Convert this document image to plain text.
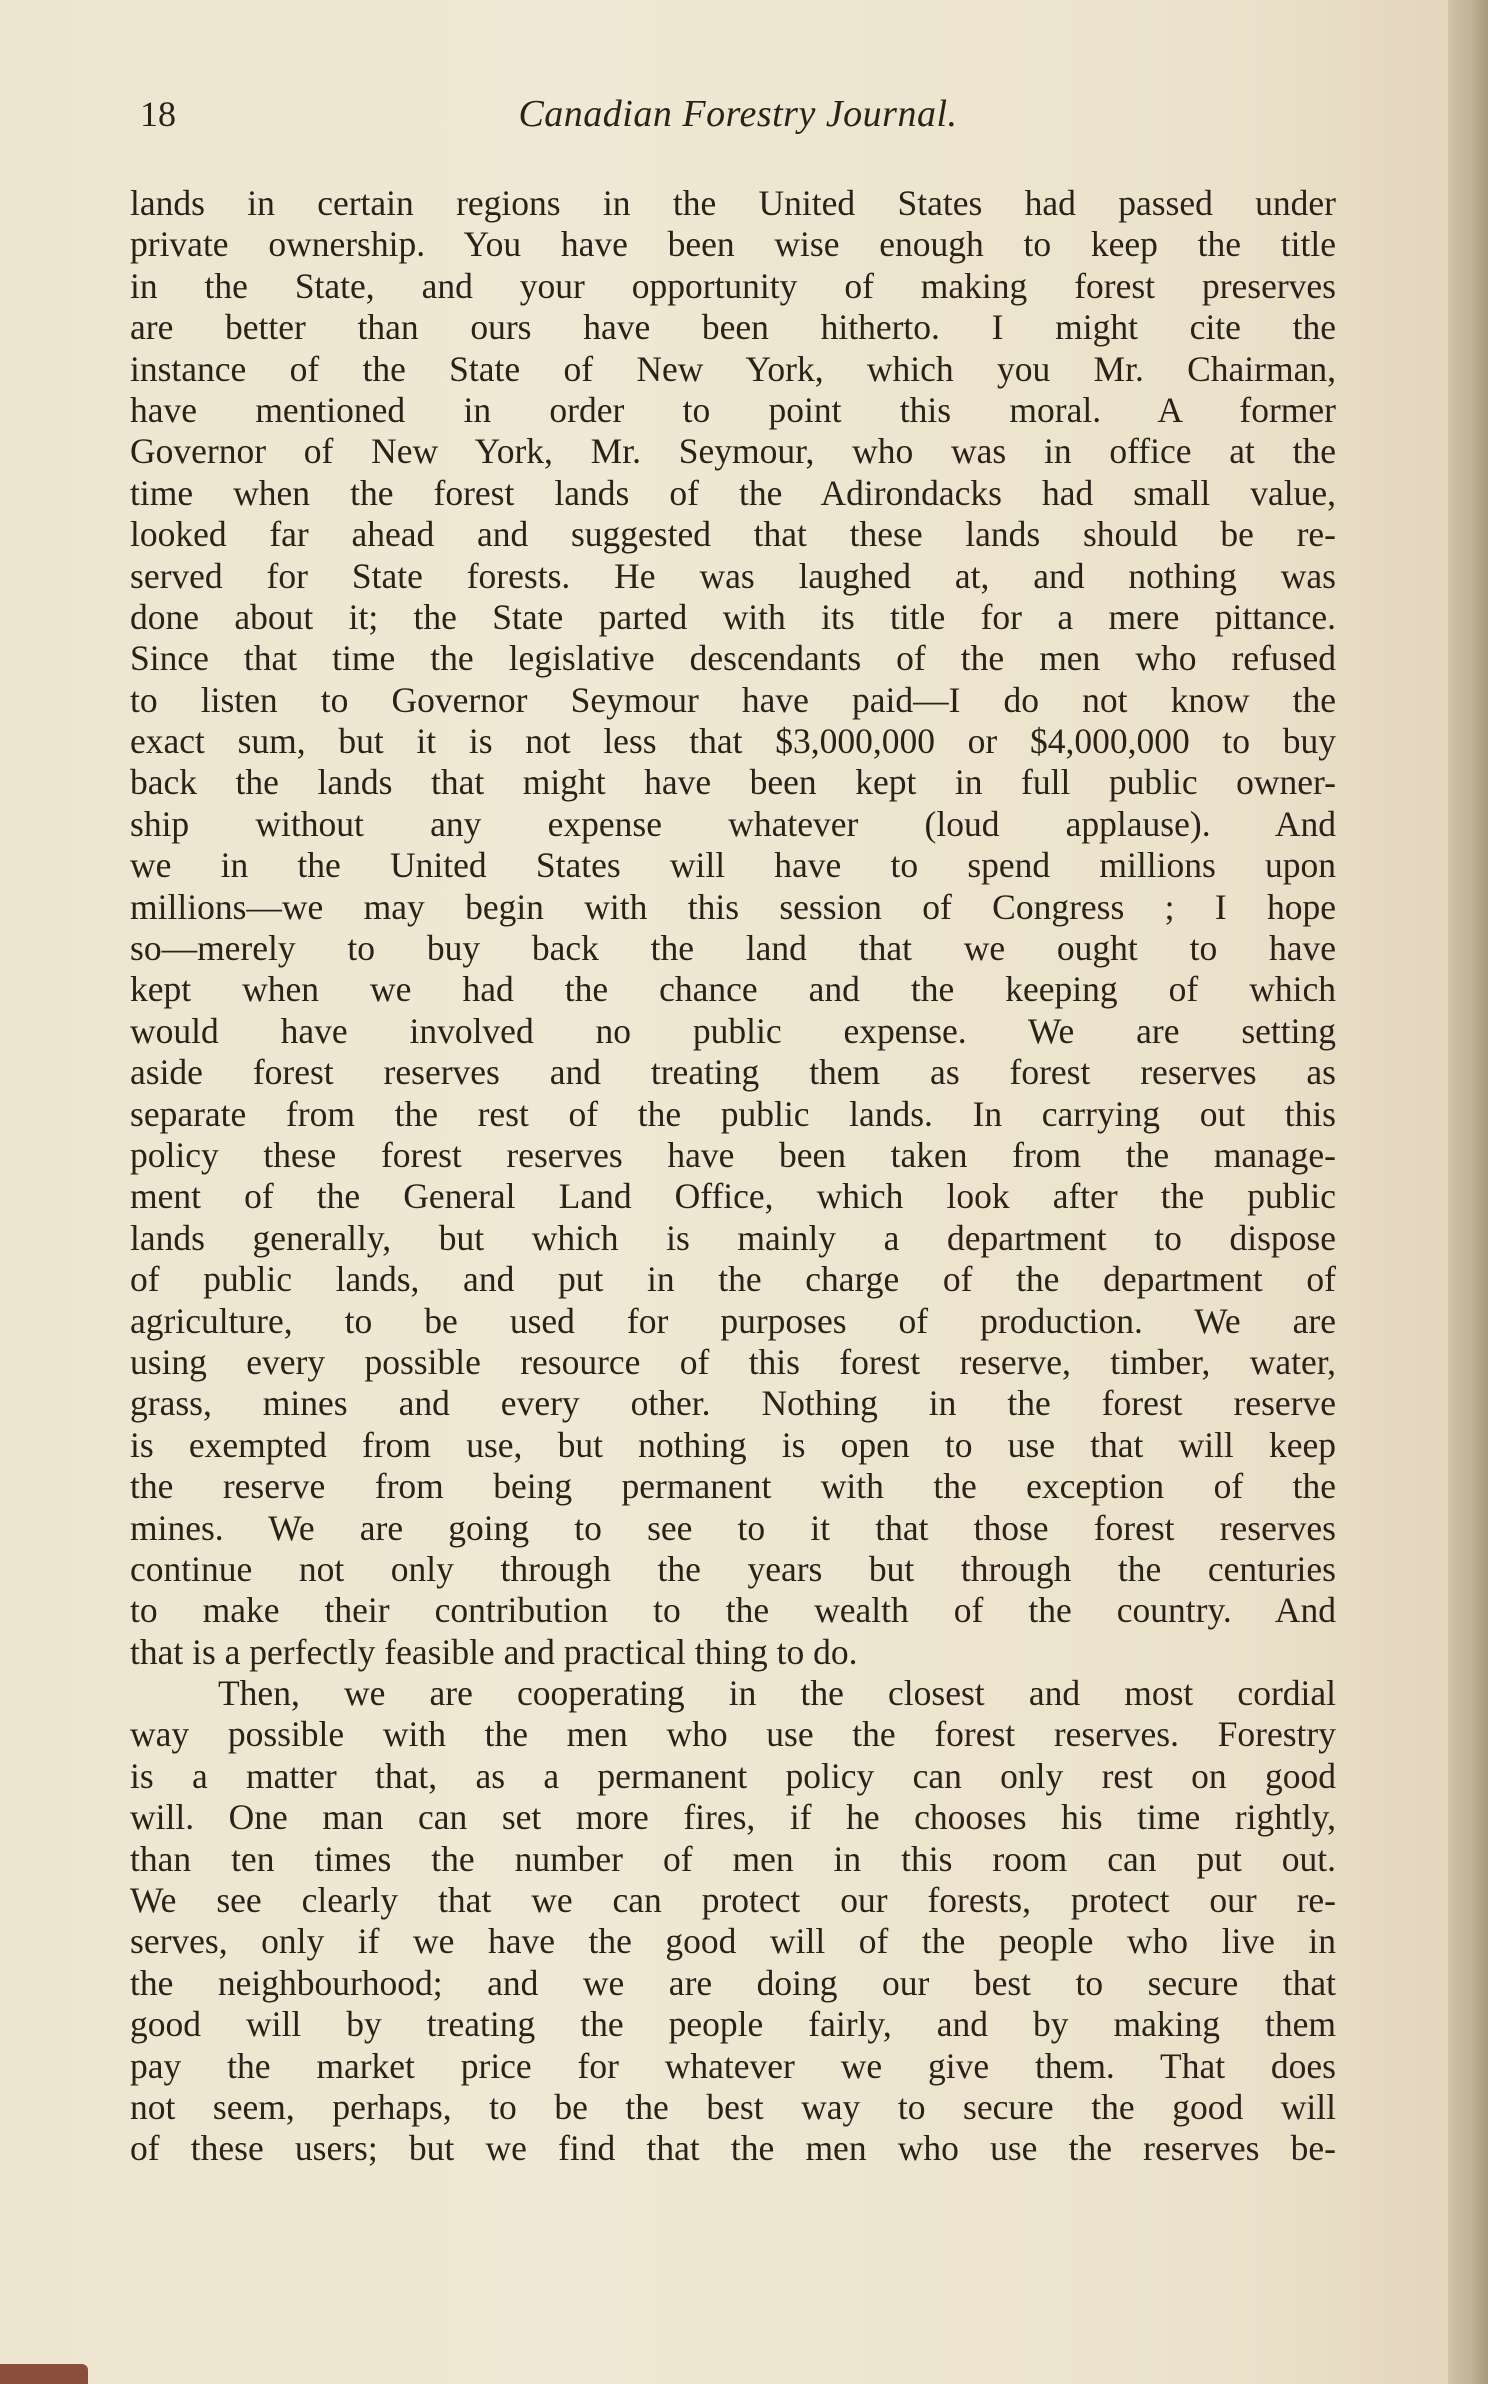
18	Canadian Forestry Journal.
lands in certain regions in the United States had passed under
private ownership. You have been wise enough to keep the title
in the State, and your opportunity of making forest preserves
are better than ours have been hitherto. I might cite the
instance of the State of New York, which you Mr. Chairman,
have mentioned in order to point this moral. A former
Governor of New York, Mr. Seymour, who was in office at the
time when the forest lands of the Adirondacks had small value,
looked far ahead and suggested that these lands should be re-
served for State forests. He was laughed at, and nothing was
done about it; the State parted with its title for a mere pittance.
Since that time the legislative descendants of the men who refused
to listen to Governor Seymour have paid—I do not know the
exact sum, but it is not less that $3,000,000 or $4,000,000 to buy
back the lands that might have been kept in full public owner-
ship without any expense whatever (loud applause). And
we in the United States will have to spend millions upon
millions—we may begin with this session of Congress ; I hope
so—merely to buy back the land that we ought to have
kept when we had the chance and the keeping of which
would have involved no public expense. We are setting
aside forest reserves and treating them as forest reserves as
separate from the rest of the public lands. In carrying out this
policy these forest reserves have been taken from the manage-
ment of the General Land Office, which look after the public
lands generally, but which is mainly a department to dispose
of public lands, and put in the charge of the department of
agriculture, to be used for purposes of production. We are
using every possible resource of this forest reserve, timber, water,
grass, mines and every other. Nothing in the forest reserve
is exempted from use, but nothing is open to use that will keep
the reserve from being permanent with the exception of the
mines. We are going to see to it that those forest reserves
continue not only through the years but through the centuries
to make their contribution to the wealth of the country. And
that is a perfectly feasible and practical thing to do.
Then, we are cooperating in the closest and most cordial
way possible with the men who use the forest reserves. Forestry
is a matter that, as a permanent policy can only rest on good
will. One man can set more fires, if he chooses his time rightly,
than ten times the number of men in this room can put out.
We see clearly that we can protect our forests, protect our re-
serves, only if we have the good will of the people who live in
the neighbourhood; and we are doing our best to secure that
good will by treating the people fairly, and by making them
pay the market price for whatever we give them. That does
not seem, perhaps, to be the best way to secure the good will
of these users; but we find that the men who use the reserves be-
